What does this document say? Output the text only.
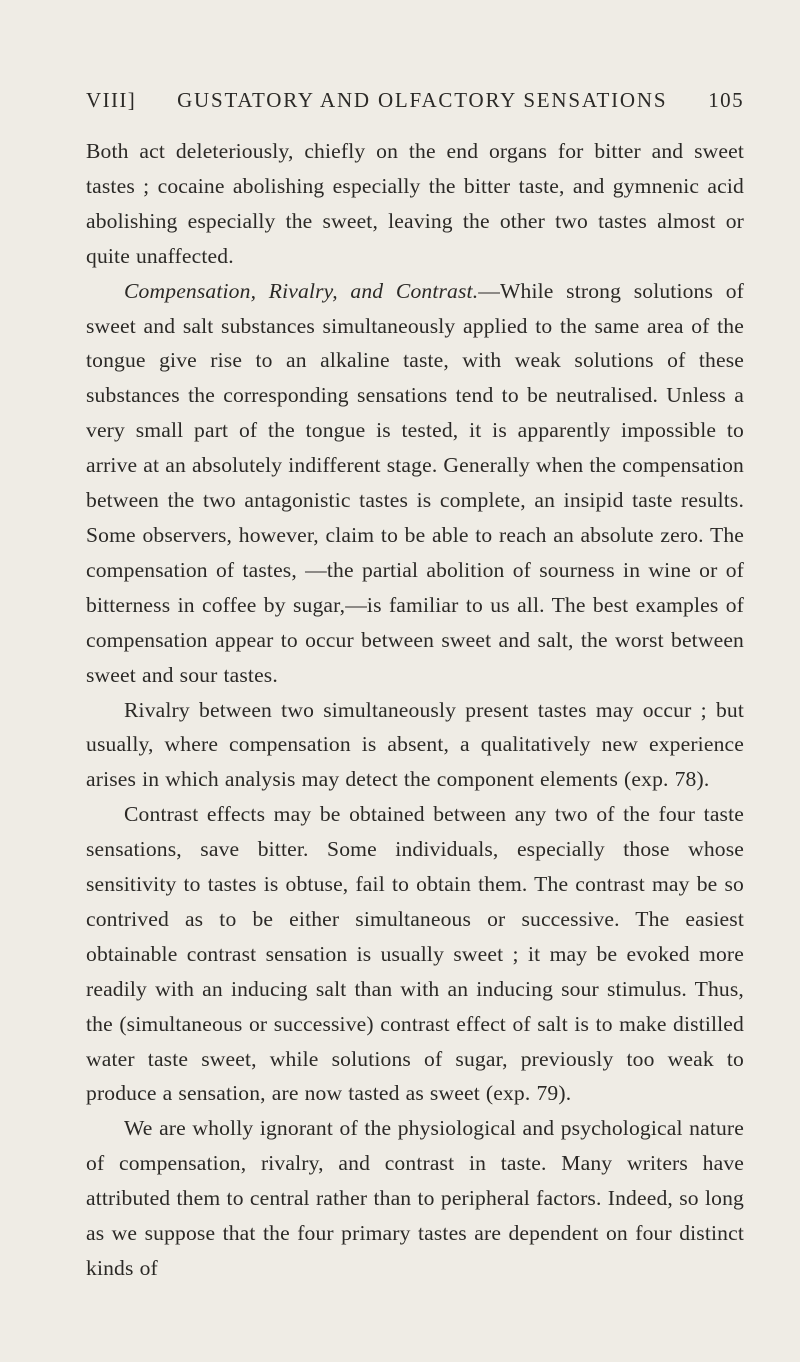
VIII] GUSTATORY AND OLFACTORY SENSATIONS 105

Both act deleteriously, chiefly on the end organs for bitter and sweet tastes ; cocaine abolishing especially the bitter taste, and gymnenic acid abolishing especially the sweet, leaving the other two tastes almost or quite unaffected.

Compensation, Rivalry, and Contrast.—While strong solutions of sweet and salt substances simultaneously applied to the same area of the tongue give rise to an alkaline taste, with weak solutions of these substances the corresponding sensations tend to be neutralised. Unless a very small part of the tongue is tested, it is apparently impossible to arrive at an absolutely indifferent stage. Generally when the compensation between the two antagonistic tastes is complete, an insipid taste results. Some observers, however, claim to be able to reach an absolute zero. The compensation of tastes, —the partial abolition of sourness in wine or of bitterness in coffee by sugar,—is familiar to us all. The best examples of compensation appear to occur between sweet and salt, the worst between sweet and sour tastes.

Rivalry between two simultaneously present tastes may occur ; but usually, where compensation is absent, a qualitatively new experience arises in which analysis may detect the component elements (exp. 78).

Contrast effects may be obtained between any two of the four taste sensations, save bitter. Some individuals, especially those whose sensitivity to tastes is obtuse, fail to obtain them. The contrast may be so contrived as to be either simultaneous or successive. The easiest obtainable contrast sensation is usually sweet ; it may be evoked more readily with an inducing salt than with an inducing sour stimulus. Thus, the (simultaneous or successive) contrast effect of salt is to make distilled water taste sweet, while solutions of sugar, previously too weak to produce a sensation, are now tasted as sweet (exp. 79).

We are wholly ignorant of the physiological and psychological nature of compensation, rivalry, and contrast in taste. Many writers have attributed them to central rather than to peripheral factors. Indeed, so long as we suppose that the four primary tastes are dependent on four distinct kinds of
